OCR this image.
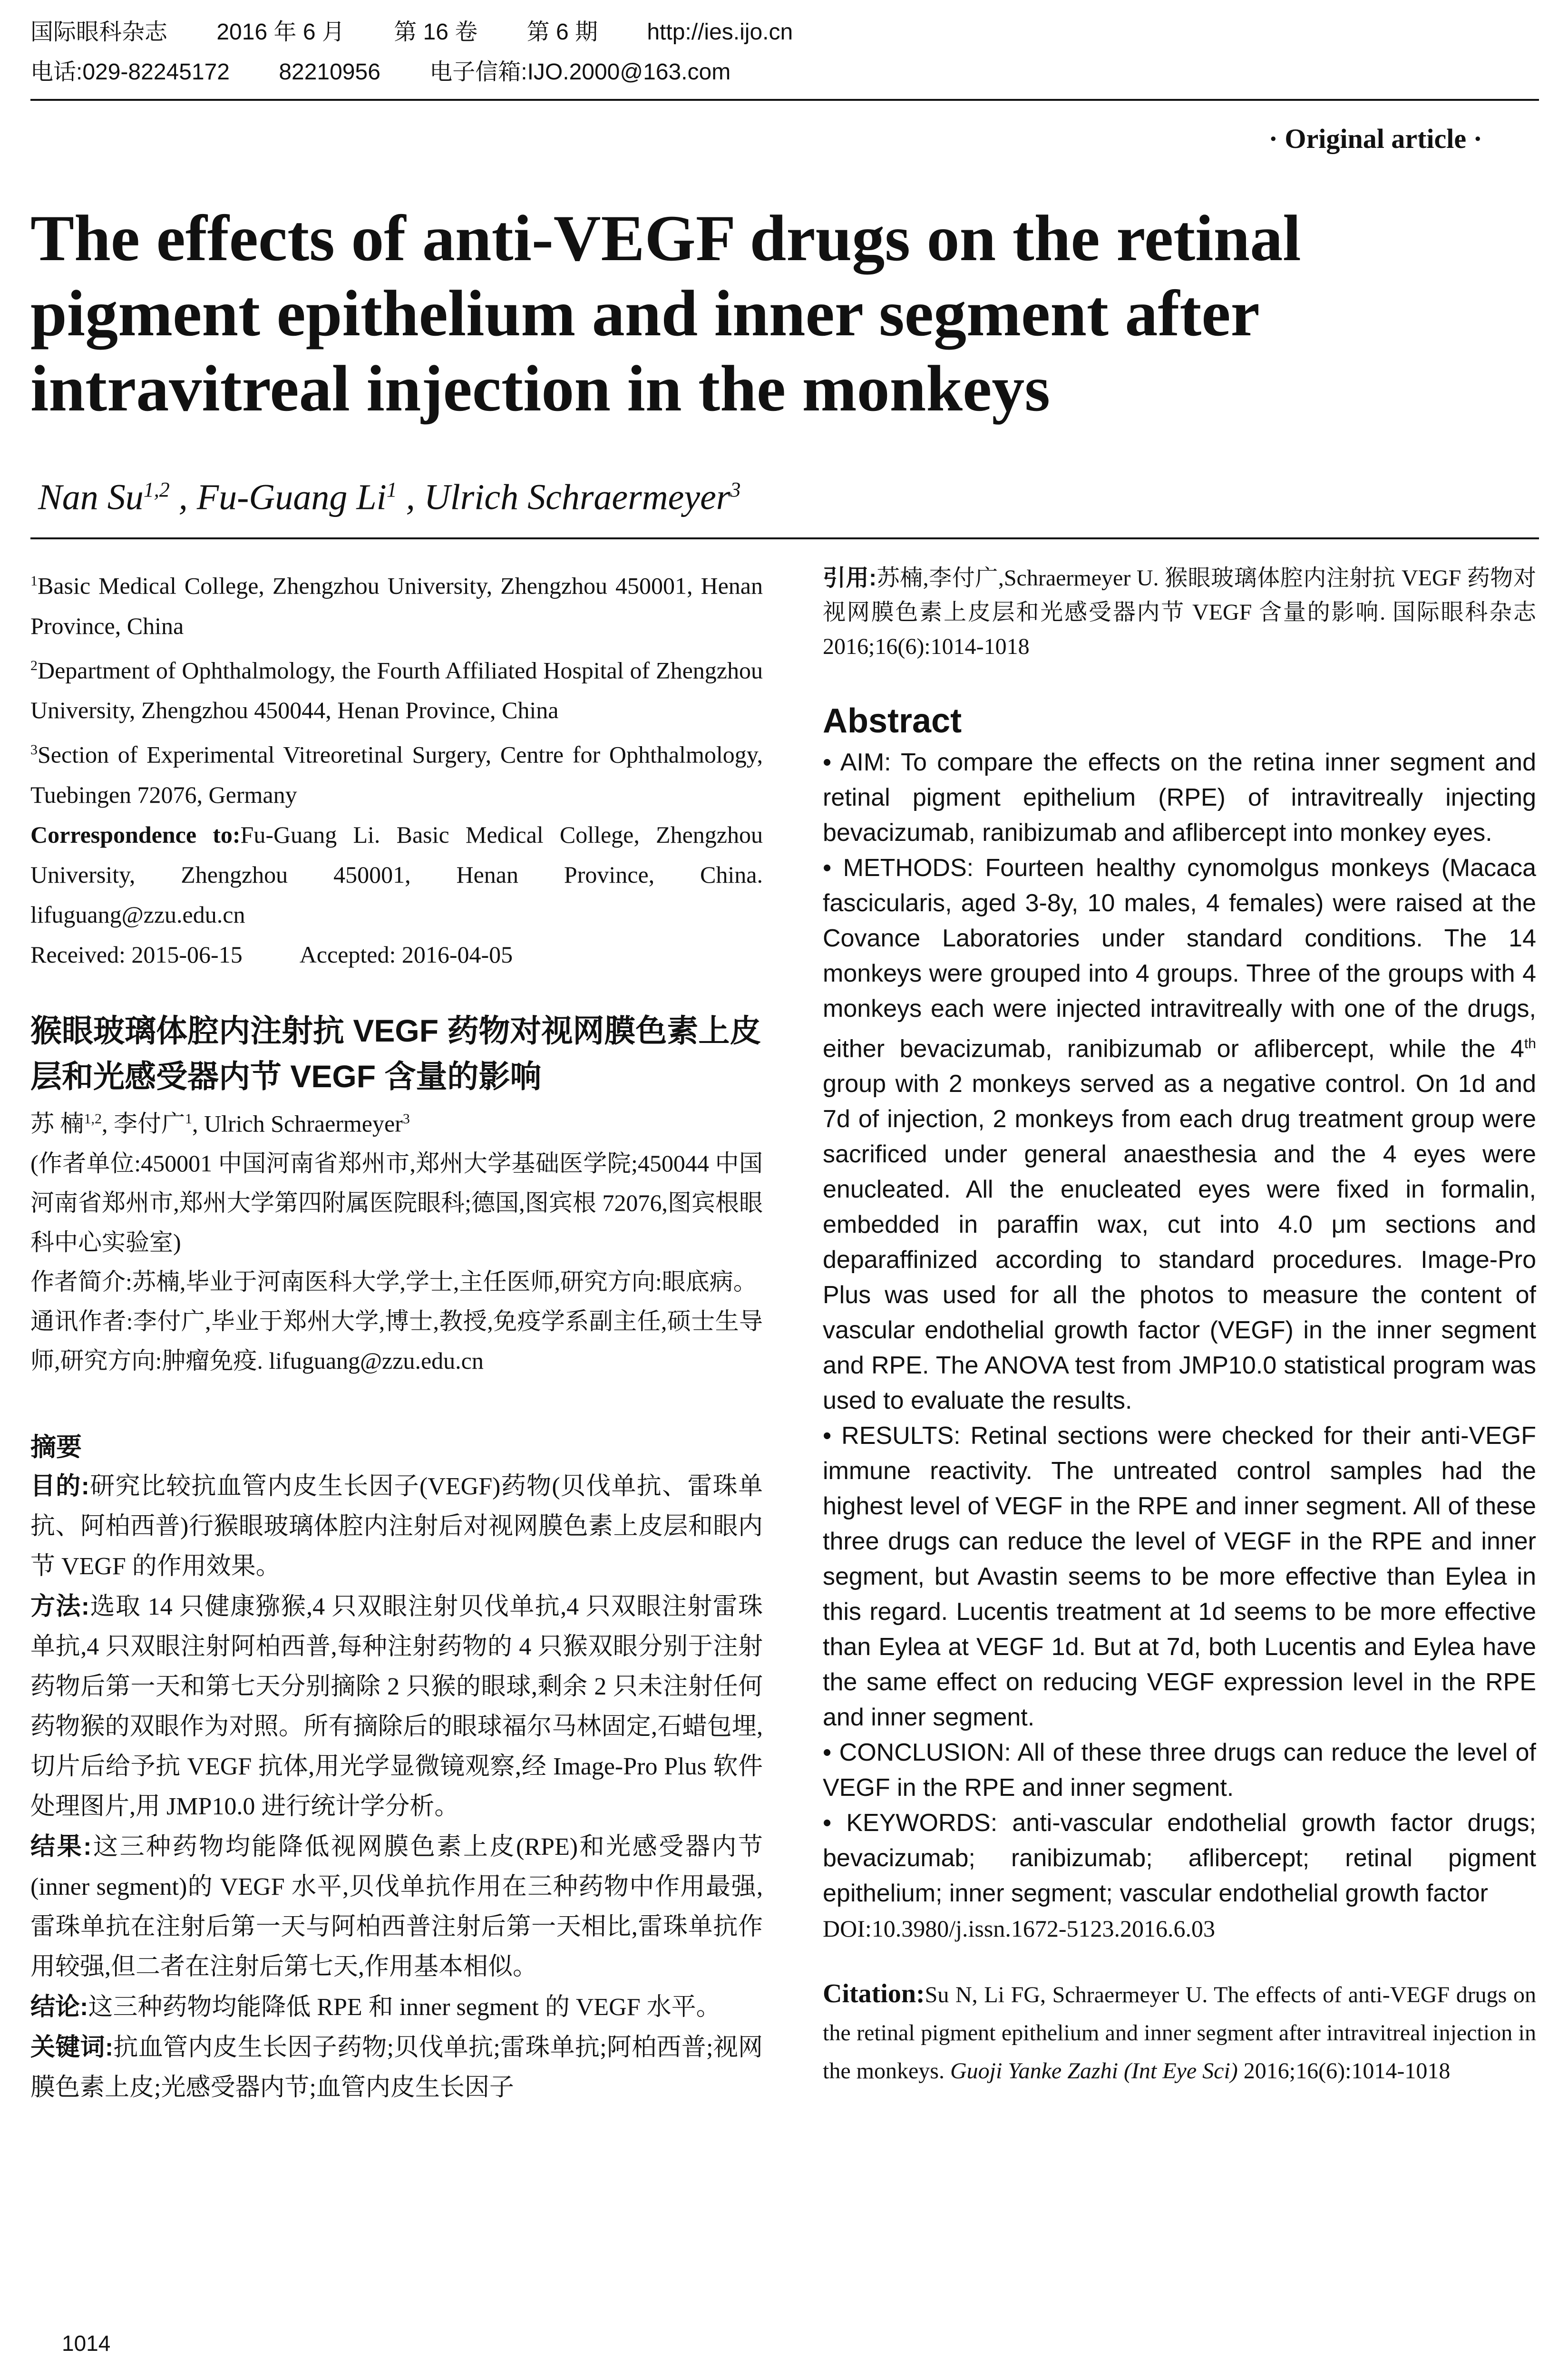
国际眼科杂志 2016 年 6 月 第 16 卷 第 6 期 http://ies.ijo.cn
电话:029-82245172 82210956 电子信箱:IJO.2000@163.com
· Original article ·
The effects of anti-VEGF drugs on the retinal pigment epithelium and inner segment after intravitreal injection in the monkeys
Nan Su$^{1,2}$ , Fu-Guang Li$^1$ , Ulrich Schraermeyer$^3$

$^1$Basic Medical College, Zhengzhou University, Zhengzhou 450001, Henan Province, China

$^2$Department of Ophthalmology, the Fourth Affiliated Hospital of Zhengzhou University, Zhengzhou 450044, Henan Province, China

$^3$Section of Experimental Vitreoretinal Surgery, Centre for Ophthalmology, Tuebingen 72076, Germany

Correspondence to:Fu-Guang Li. Basic Medical College, Zhengzhou University, Zhengzhou 450001, Henan Province, China. lifuguang@zzu.edu.cn

Received: 2015-06-15 Accepted: 2016-04-05

猴眼玻璃体腔内注射抗 VEGF 药物对视网膜色素上皮层和光感受器内节 VEGF 含量的影响

苏 楠$^{1,2}$, 李付广$^1$, Ulrich Schraermeyer$^3$

(作者单位:450001 中国河南省郑州市,郑州大学基础医学院;450044 中国河南省郑州市,郑州大学第四附属医院眼科;德国,图宾根 72076,图宾根眼科中心实验室)

作者简介:苏楠,毕业于河南医科大学,学士,主任医师,研究方向:眼底病。

通讯作者:李付广,毕业于郑州大学,博士,教授,免疫学系副主任,硕士生导师,研究方向:肿瘤免疫. lifuguang@zzu.edu.cn

摘要

目的:研究比较抗血管内皮生长因子(VEGF)药物(贝伐单抗、雷珠单抗、阿柏西普)行猴眼玻璃体腔内注射后对视网膜色素上皮层和眼内节 VEGF 的作用效果。

方法:选取 14 只健康猕猴,4 只双眼注射贝伐单抗,4 只双眼注射雷珠单抗,4 只双眼注射阿柏西普,每种注射药物的 4 只猴双眼分别于注射药物后第一天和第七天分别摘除 2 只猴的眼球,剩余 2 只未注射任何药物猴的双眼作为对照。所有摘除后的眼球福尔马林固定,石蜡包埋,切片后给予抗 VEGF 抗体,用光学显微镜观察,经 Image-Pro Plus 软件处理图片,用 JMP10.0 进行统计学分析。

结果:这三种药物均能降低视网膜色素上皮(RPE)和光感受器内节(inner segment)的 VEGF 水平,贝伐单抗作用在三种药物中作用最强,雷珠单抗在注射后第一天与阿柏西普注射后第一天相比,雷珠单抗作用较强,但二者在注射后第七天,作用基本相似。

结论:这三种药物均能降低 RPE 和 inner segment 的 VEGF 水平。

关键词:抗血管内皮生长因子药物;贝伐单抗;雷珠单抗;阿柏西普;视网膜色素上皮;光感受器内节;血管内皮生长因子

引用:苏楠,李付广,Schraermeyer U. 猴眼玻璃体腔内注射抗 VEGF 药物对视网膜色素上皮层和光感受器内节 VEGF 含量的影响. 国际眼科杂志 2016;16(6):1014-1018

Abstract

• AIM: To compare the effects on the retina inner segment and retinal pigment epithelium (RPE) of intravitreally injecting bevacizumab, ranibizumab and aflibercept into monkey eyes.

• METHODS: Fourteen healthy cynomolgus monkeys (Macaca fascicularis, aged 3-8y, 10 males, 4 females) were raised at the Covance Laboratories under standard conditions. The 14 monkeys were grouped into 4 groups. Three of the groups with 4 monkeys each were injected intravitreally with one of the drugs, either bevacizumab, ranibizumab or aflibercept, while the 4th group with 2 monkeys served as a negative control. On 1d and 7d of injection, 2 monkeys from each drug treatment group were sacrificed under general anaesthesia and the 4 eyes were enucleated. All the enucleated eyes were fixed in formalin, embedded in paraffin wax, cut into 4.0 μm sections and deparaffinized according to standard procedures. Image-Pro Plus was used for all the photos to measure the content of vascular endothelial growth factor (VEGF) in the inner segment and RPE. The ANOVA test from JMP10.0 statistical program was used to evaluate the results.

• RESULTS: Retinal sections were checked for their anti-VEGF immune reactivity. The untreated control samples had the highest level of VEGF in the RPE and inner segment. All of these three drugs can reduce the level of VEGF in the RPE and inner segment, but Avastin seems to be more effective than Eylea in this regard. Lucentis treatment at 1d seems to be more effective than Eylea at VEGF 1d. But at 7d, both Lucentis and Eylea have the same effect on reducing VEGF expression level in the RPE and inner segment.

• CONCLUSION: All of these three drugs can reduce the level of VEGF in the RPE and inner segment.

• KEYWORDS: anti-vascular endothelial growth factor drugs; bevacizumab; ranibizumab; aflibercept; retinal pigment epithelium; inner segment; vascular endothelial growth factor

DOI:10.3980/j.issn.1672-5123.2016.6.03

Citation:Su N, Li FG, Schraermeyer U. The effects of anti-VEGF drugs on the retinal pigment epithelium and inner segment after intravitreal injection in the monkeys. Guoji Yanke Zazhi (Int Eye Sci) 2016;16(6):1014-1018

1014
